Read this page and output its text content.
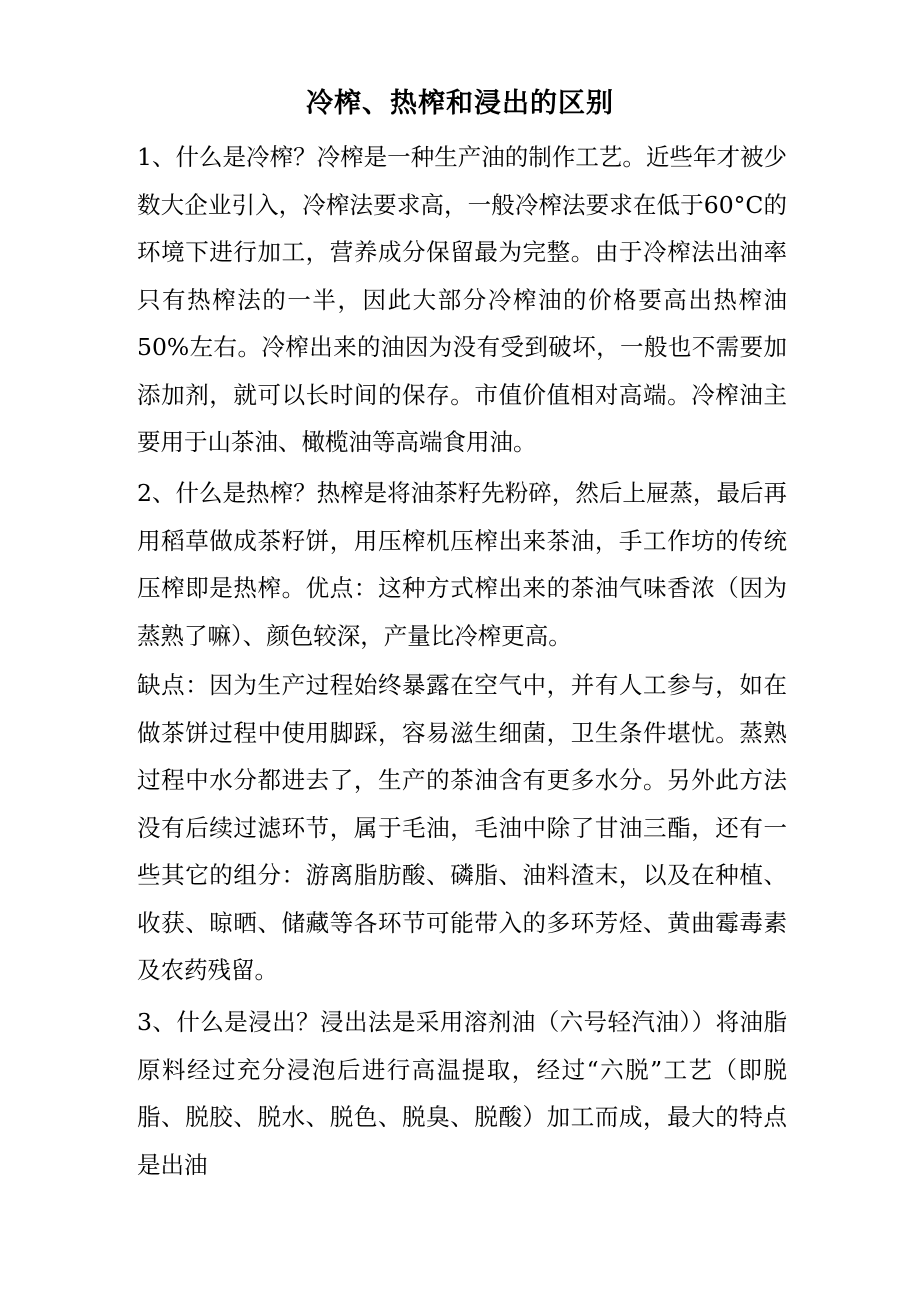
冷榨、热榨和浸出的区别
1、什么是冷榨？冷榨是一种生产油的制作工艺。近些年才被少数大企业引入，冷榨法要求高，一般冷榨法要求在低于60°C的环境下进行加工，营养成分保留最为完整。由于冷榨法出油率只有热榨法的一半，因此大部分冷榨油的价格要高出热榨油50%左右。冷榨出来的油因为没有受到破坏，一般也不需要加添加剂，就可以长时间的保存。市值价值相对高端。冷榨油主要用于山茶油、橄榄油等高端食用油。
2、什么是热榨？热榨是将油茶籽先粉碎，然后上屉蒸，最后再用稻草做成茶籽饼，用压榨机压榨出来茶油，手工作坊的传统压榨即是热榨。优点：这种方式榨出来的茶油气味香浓（因为蒸熟了嘛）、颜色较深，产量比冷榨更高。
缺点：因为生产过程始终暴露在空气中，并有人工参与，如在做茶饼过程中使用脚踩，容易滋生细菌，卫生条件堪忧。蒸熟过程中水分都进去了，生产的茶油含有更多水分。另外此方法没有后续过滤环节，属于毛油，毛油中除了甘油三酯，还有一些其它的组分：游离脂肪酸、磷脂、油料渣末，以及在种植、收获、晾晒、储藏等各环节可能带入的多环芳烃、黄曲霉毒素及农药残留。
3、什么是浸出？浸出法是采用溶剂油（六号轻汽油））将油脂原料经过充分浸泡后进行高温提取，经过“六脱”工艺（即脱脂、脱胶、脱水、脱色、脱臭、脱酸）加工而成，最大的特点是出油
